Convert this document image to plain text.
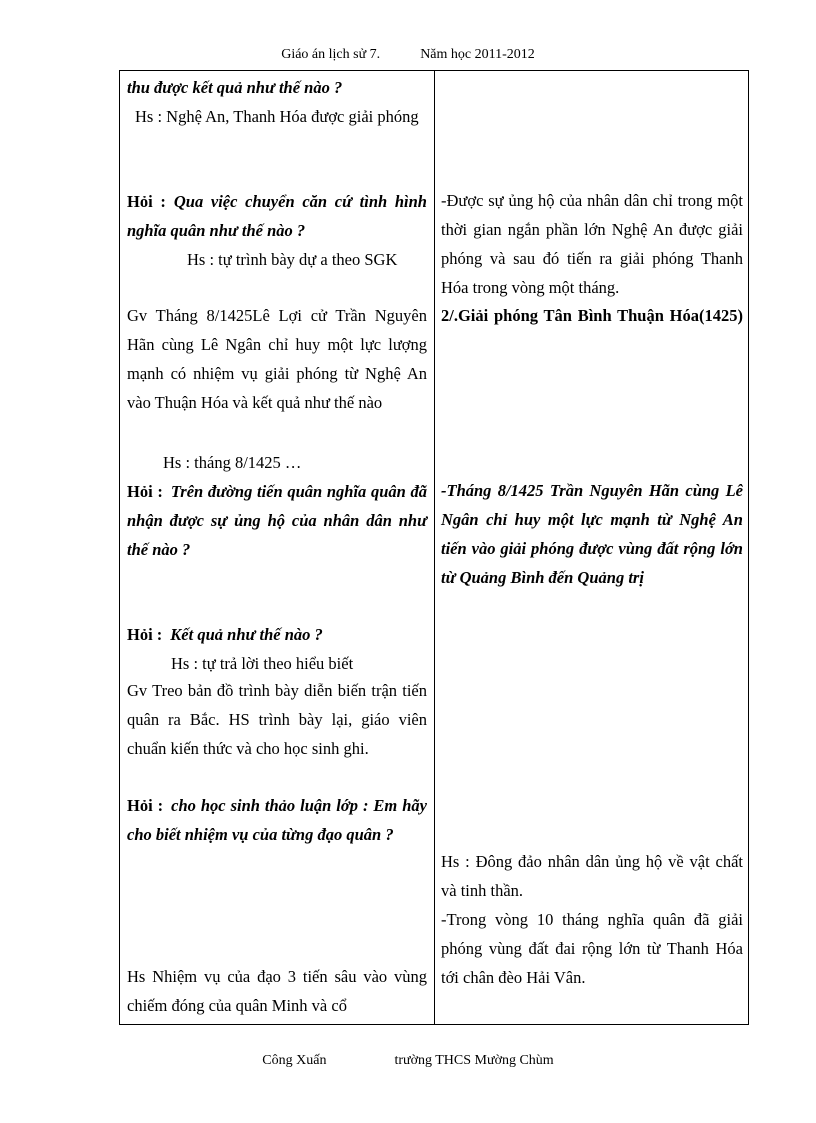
Giáo án lịch sử 7.	Năm học 2011-2012
thu được kết quả như thế nào ?
Hs : Nghệ An, Thanh Hóa được giải phóng
Hỏi : Qua việc chuyển căn cứ tình hình nghĩa quân như thế nào ?
Hs : tự trình bày dự a theo SGK
Gv Tháng 8/1425Lê Lợi cử Trần Nguyên Hãn cùng Lê Ngân chỉ huy một lực lượng mạnh có nhiệm vụ giải phóng từ Nghệ An vào Thuận Hóa và kết quả như thế nào
Hs : tháng 8/1425 …
Hỏi : Trên đường tiến quân nghĩa quân đã nhận được sự ủng hộ của nhân dân như thế nào ?
Hỏi : Kết quả như thế nào ?
Hs : tự trả lời theo hiểu biết
Gv Treo bản đồ trình bày diễn biến trận tiến quân ra Bắc. HS trình bày lại, giáo viên chuẩn kiến thức và cho học sinh ghi.
Hỏi : cho học sinh thảo luận lớp : Em hãy cho biết nhiệm vụ của từng đạo quân ?
Hs Nhiệm vụ của đạo 3 tiến sâu vào vùng chiếm đóng của quân Minh và cổ
-Được sự ủng hộ của nhân dân chỉ trong một thời gian ngắn phần lớn Nghệ An được giải phóng và sau đó tiến ra giải phóng Thanh Hóa trong vòng một tháng.
2/.Giải phóng Tân Bình Thuận Hóa(1425)
-Tháng 8/1425 Trần Nguyên Hãn cùng Lê Ngân chỉ huy một lực mạnh từ Nghệ An tiến vào giải phóng được vùng đất rộng lớn từ Quảng Bình đến Quảng trị
Hs : Đông đảo nhân dân ủng hộ về vật chất và tinh thần.
-Trong vòng 10 tháng nghĩa quân đã giải phóng vùng đất đai rộng lớn từ Thanh Hóa tới chân đèo Hải Vân.
Công Xuấn	trường THCS Mường Chùm
